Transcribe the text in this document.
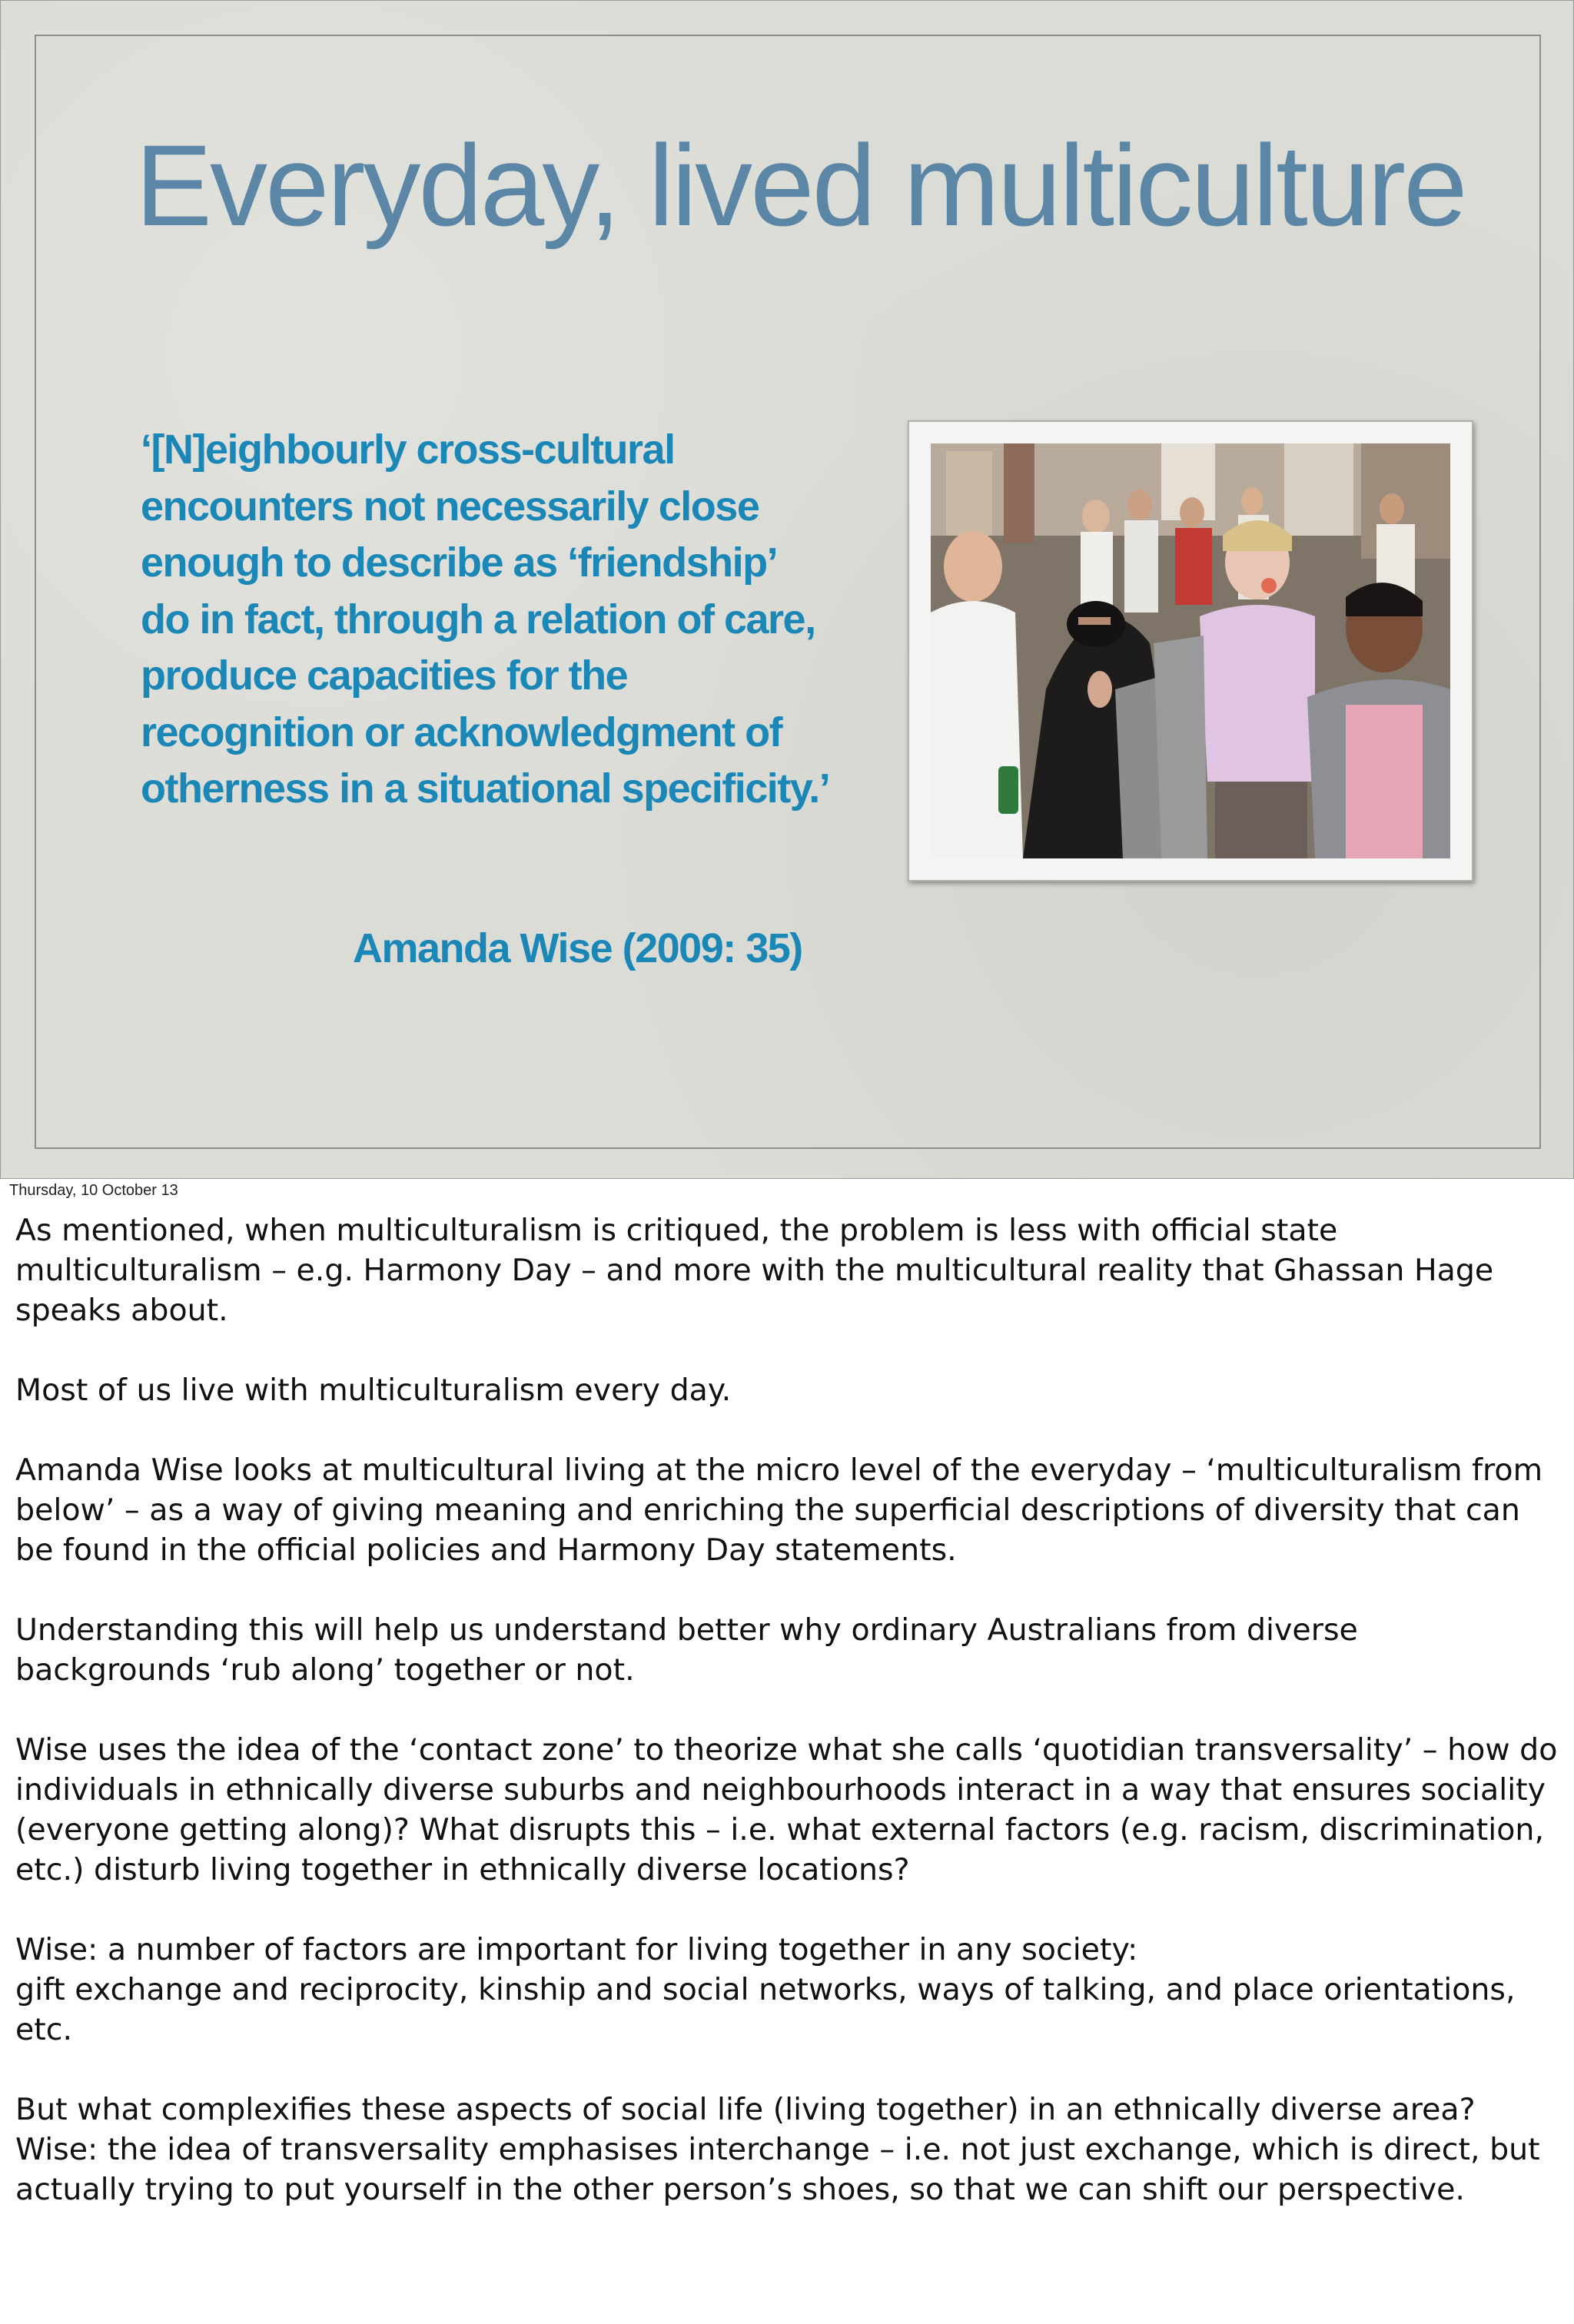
Everyday, lived multiculture

‘[N]eighbourly cross-cultural encounters not necessarily close enough to describe as ‘friendship’ do in fact, through a relation of care, produce capacities for the recognition or acknowledgment of otherness in a situational specificity.’

Amanda Wise (2009: 35)

Thursday, 10 October 13

As mentioned, when multiculturalism is critiqued, the problem is less with official state multiculturalism – e.g. Harmony Day – and more with the multicultural reality that Ghassan Hage speaks about.

Most of us live with multiculturalism every day.

Amanda Wise looks at multicultural living at the micro level of the everyday – ‘multiculturalism from below’ – as a way of giving meaning and enriching the superficial descriptions of diversity that can be found in the official policies and Harmony Day statements.

Understanding this will help us understand better why ordinary Australians from diverse backgrounds ‘rub along’ together or not.

Wise uses the idea of the ‘contact zone’ to theorize what she calls ‘quotidian transversality’ – how do individuals in ethnically diverse suburbs and neighbourhoods interact in a way that ensures sociality (everyone getting along)? What disrupts this – i.e. what external factors (e.g. racism, discrimination, etc.) disturb living together in ethnically diverse locations?

Wise: a number of factors are important for living together in any society:
gift exchange and reciprocity, kinship and social networks, ways of talking, and place orientations, etc.

But what complexifies these aspects of social life (living together) in an ethnically diverse area? Wise: the idea of transversality emphasises interchange – i.e. not just exchange, which is direct, but actually trying to put yourself in the other person’s shoes, so that we can shift our perspective.
